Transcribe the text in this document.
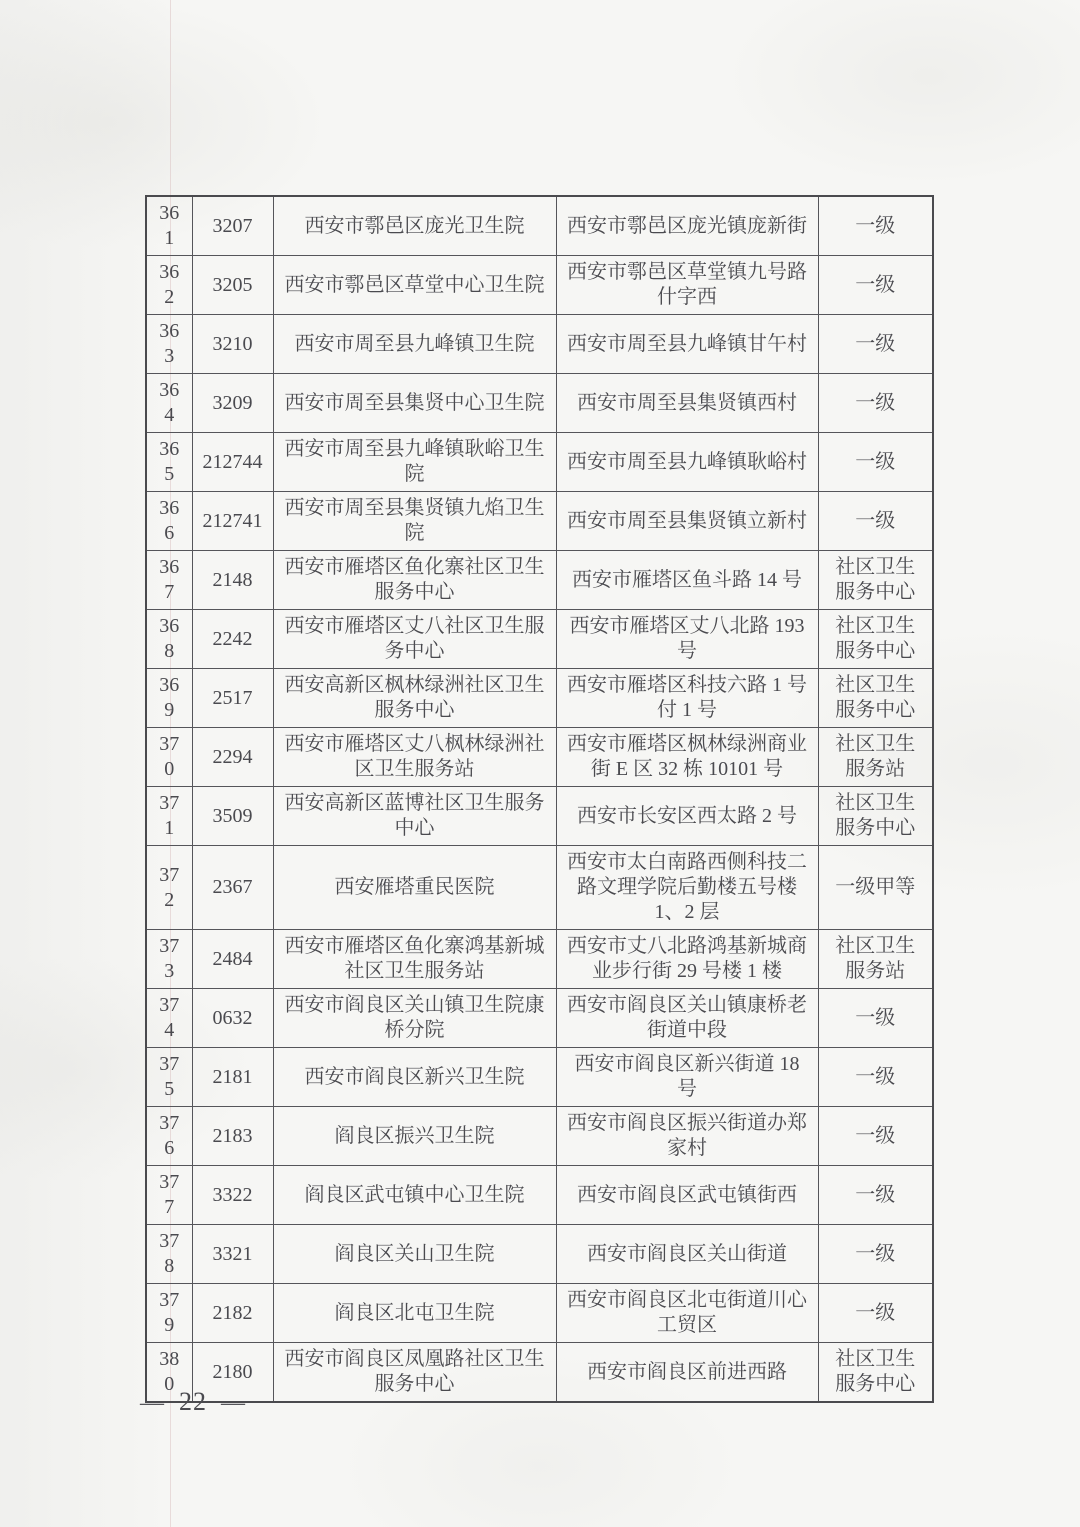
361	3207	西安市鄠邑区庞光卫生院	西安市鄠邑区庞光镇庞新街	一级
362	3205	西安市鄠邑区草堂中心卫生院	西安市鄠邑区草堂镇九号路什字西	一级
363	3210	西安市周至县九峰镇卫生院	西安市周至县九峰镇甘午村	一级
364	3209	西安市周至县集贤中心卫生院	西安市周至县集贤镇西村	一级
365	212744	西安市周至县九峰镇耿峪卫生院	西安市周至县九峰镇耿峪村	一级
366	212741	西安市周至县集贤镇九焰卫生院	西安市周至县集贤镇立新村	一级
367	2148	西安市雁塔区鱼化寨社区卫生服务中心	西安市雁塔区鱼斗路 14 号	社区卫生服务中心
368	2242	西安市雁塔区丈八社区卫生服务中心	西安市雁塔区丈八北路 193 号	社区卫生服务中心
369	2517	西安高新区枫林绿洲社区卫生服务中心	西安市雁塔区科技六路 1 号付 1 号	社区卫生服务中心
370	2294	西安市雁塔区丈八枫林绿洲社区卫生服务站	西安市雁塔区枫林绿洲商业街 E 区 32 栋 10101 号	社区卫生服务站
371	3509	西安高新区蓝博社区卫生服务中心	西安市长安区西太路 2 号	社区卫生服务中心
372	2367	西安雁塔重民医院	西安市太白南路西侧科技二路文理学院后勤楼五号楼 1、2 层	一级甲等
373	2484	西安市雁塔区鱼化寨鸿基新城社区卫生服务站	西安市丈八北路鸿基新城商业步行街 29 号楼 1 楼	社区卫生服务站
374	0632	西安市阎良区关山镇卫生院康桥分院	西安市阎良区关山镇康桥老街道中段	一级
375	2181	西安市阎良区新兴卫生院	西安市阎良区新兴街道 18 号	一级
376	2183	阎良区振兴卫生院	西安市阎良区振兴街道办郑家村	一级
377	3322	阎良区武屯镇中心卫生院	西安市阎良区武屯镇街西	一级
378	3321	阎良区关山卫生院	西安市阎良区关山街道	一级
379	2182	阎良区北屯卫生院	西安市阎良区北屯街道川心工贸区	一级
380	2180	西安市阎良区凤凰路社区卫生服务中心	西安市阎良区前进西路	社区卫生服务中心
— 22 —
